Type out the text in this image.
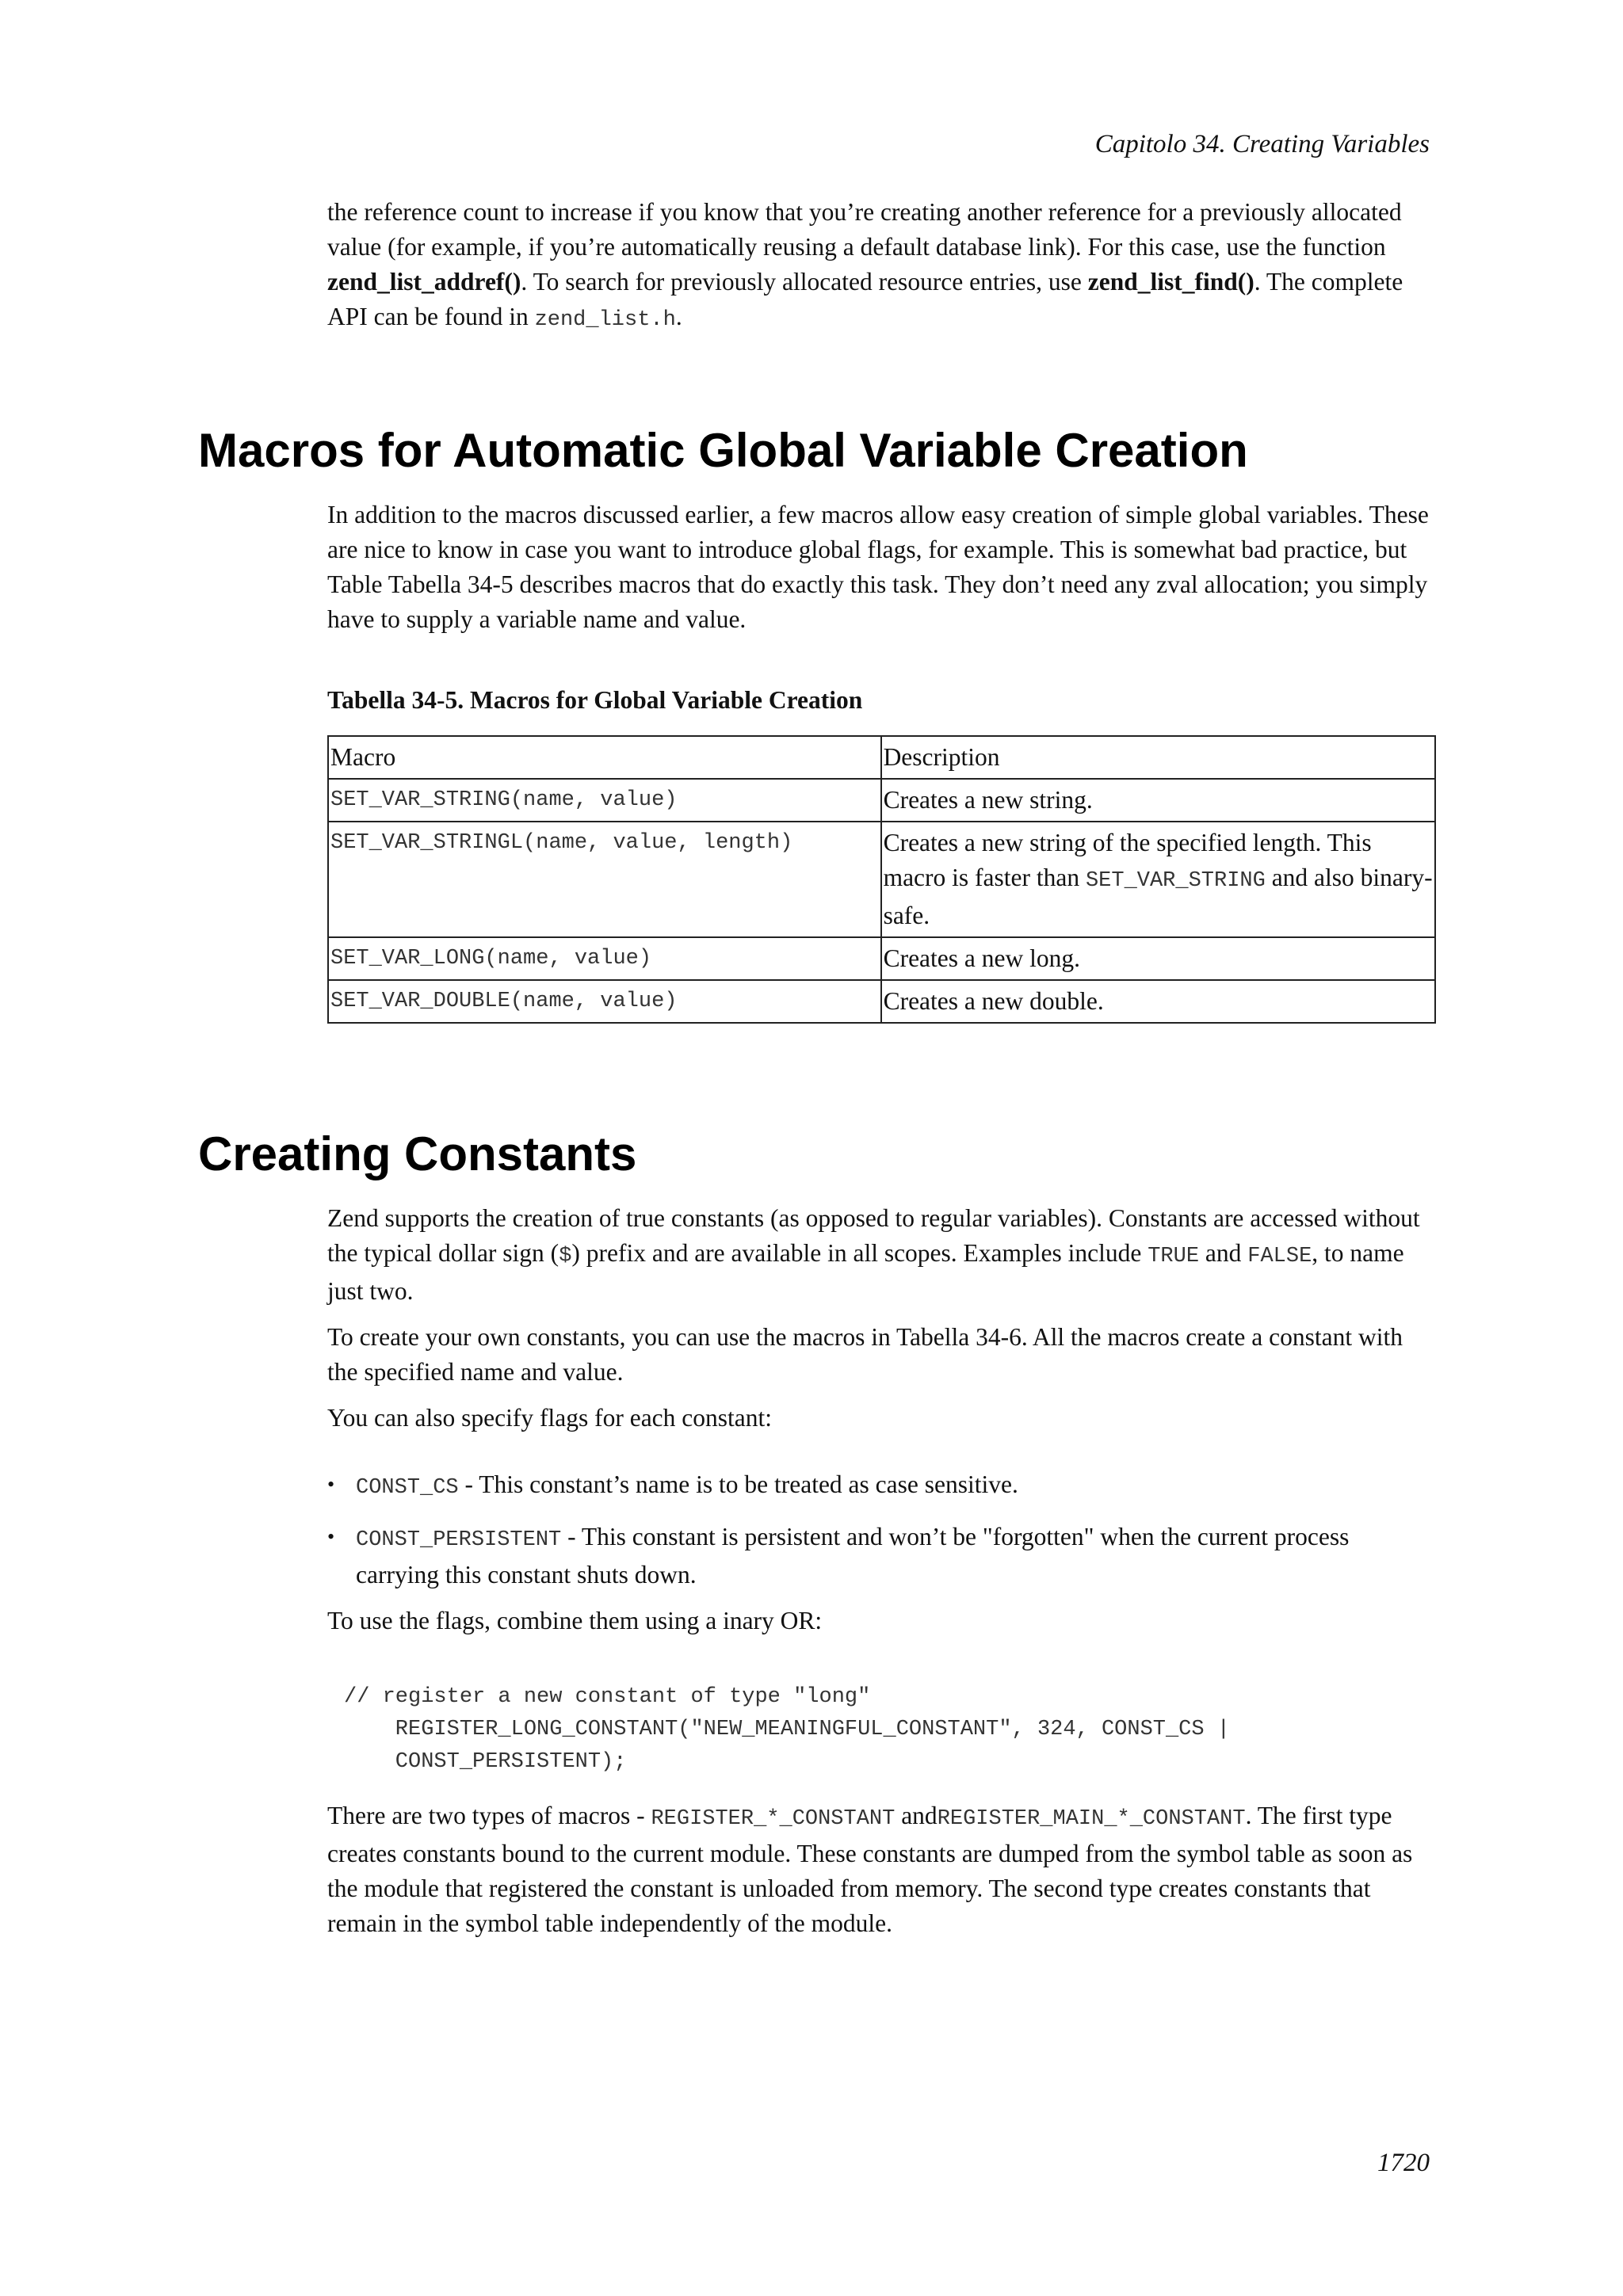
Capitolo 34. Creating Variables

the reference count to increase if you know that you’re creating another reference for a previously allocated value (for example, if you’re automatically reusing a default database link). For this case, use the function zend_list_addref(). To search for previously allocated resource entries, use zend_list_find(). The complete API can be found in zend_list.h.

Macros for Automatic Global Variable Creation

In addition to the macros discussed earlier, a few macros allow easy creation of simple global variables. These are nice to know in case you want to introduce global flags, for example. This is somewhat bad practice, but Table Tabella 34-5 describes macros that do exactly this task. They don’t need any zval allocation; you simply have to supply a variable name and value.

Tabella 34-5. Macros for Global Variable Creation
Macro	Description
SET_VAR_STRING(name, value)	Creates a new string.
SET_VAR_STRINGL(name, value, length)	Creates a new string of the specified length. This macro is faster than SET_VAR_STRING and also binary-safe.
SET_VAR_LONG(name, value)	Creates a new long.
SET_VAR_DOUBLE(name, value)	Creates a new double.
Creating Constants

Zend supports the creation of true constants (as opposed to regular variables). Constants are accessed without the typical dollar sign ($) prefix and are available in all scopes. Examples include TRUE and FALSE, to name just two.

To create your own constants, you can use the macros in Tabella 34-6. All the macros create a constant with the specified name and value.

You can also specify flags for each constant:

• CONST_CS - This constant’s name is to be treated as case sensitive.
• CONST_PERSISTENT - This constant is persistent and won’t be "forgotten" when the current process carrying this constant shuts down.

To use the flags, combine them using a inary OR:

// register a new constant of type "long"
REGISTER_LONG_CONSTANT("NEW_MEANINGFUL_CONSTANT", 324, CONST_CS |
CONST_PERSISTENT);

There are two types of macros - REGISTER_*_CONSTANT andREGISTER_MAIN_*_CONSTANT. The first type creates constants bound to the current module. These constants are dumped from the symbol table as soon as the module that registered the constant is unloaded from memory. The second type creates constants that remain in the symbol table independently of the module.

1720
